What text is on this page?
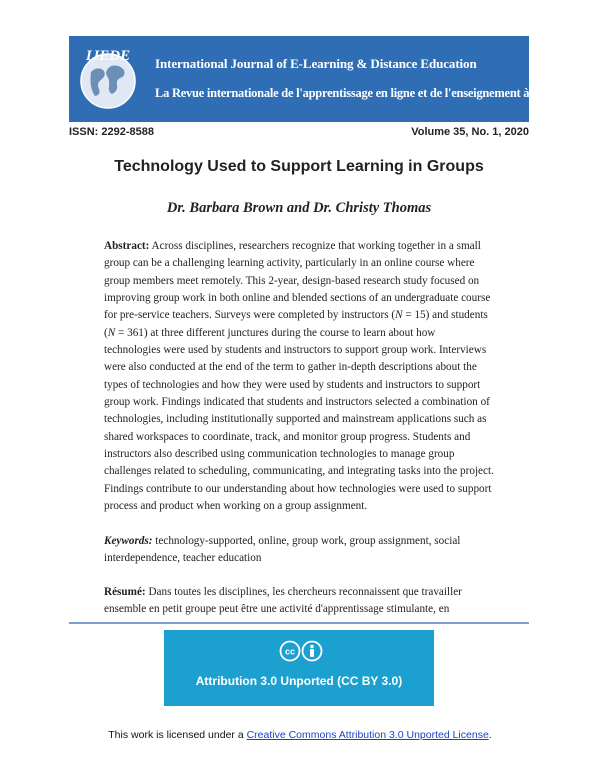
IJEDE International Journal of E-Learning & Distance Education
La Revue internationale de l'apprentissage en ligne et de l'enseignement à distance
ISSN: 2292-8588	Volume 35, No. 1, 2020
Technology Used to Support Learning in Groups
Dr. Barbara Brown and Dr. Christy Thomas

Abstract: Across disciplines, researchers recognize that working together in a small group can be a challenging learning activity, particularly in an online course where group members meet remotely. This 2-year, design-based research study focused on improving group work in both online and blended sections of an undergraduate course for pre-service teachers. Surveys were completed by instructors (N = 15) and students (N = 361) at three different junctures during the course to learn about how technologies were used by students and instructors to support group work. Interviews were also conducted at the end of the term to gather in-depth descriptions about the types of technologies and how they were used by students and instructors to support group work. Findings indicated that students and instructors selected a combination of technologies, including institutionally supported and mainstream applications such as shared workspaces to coordinate, track, and monitor group progress. Students and instructors also described using communication technologies to manage group challenges related to scheduling, communicating, and integrating tasks into the project. Findings contribute to our understanding about how technologies were used to support process and product when working on a group assignment.

Keywords: technology-supported, online, group work, group assignment, social interdependence, teacher education

Résumé: Dans toutes les disciplines, les chercheurs reconnaissent que travailler ensemble en petit groupe peut être une activité d'apprentissage stimulante, en

cc
Attribution 3.0 Unported (CC BY 3.0)
This work is licensed under a Creative Commons Attribution 3.0 Unported License.
